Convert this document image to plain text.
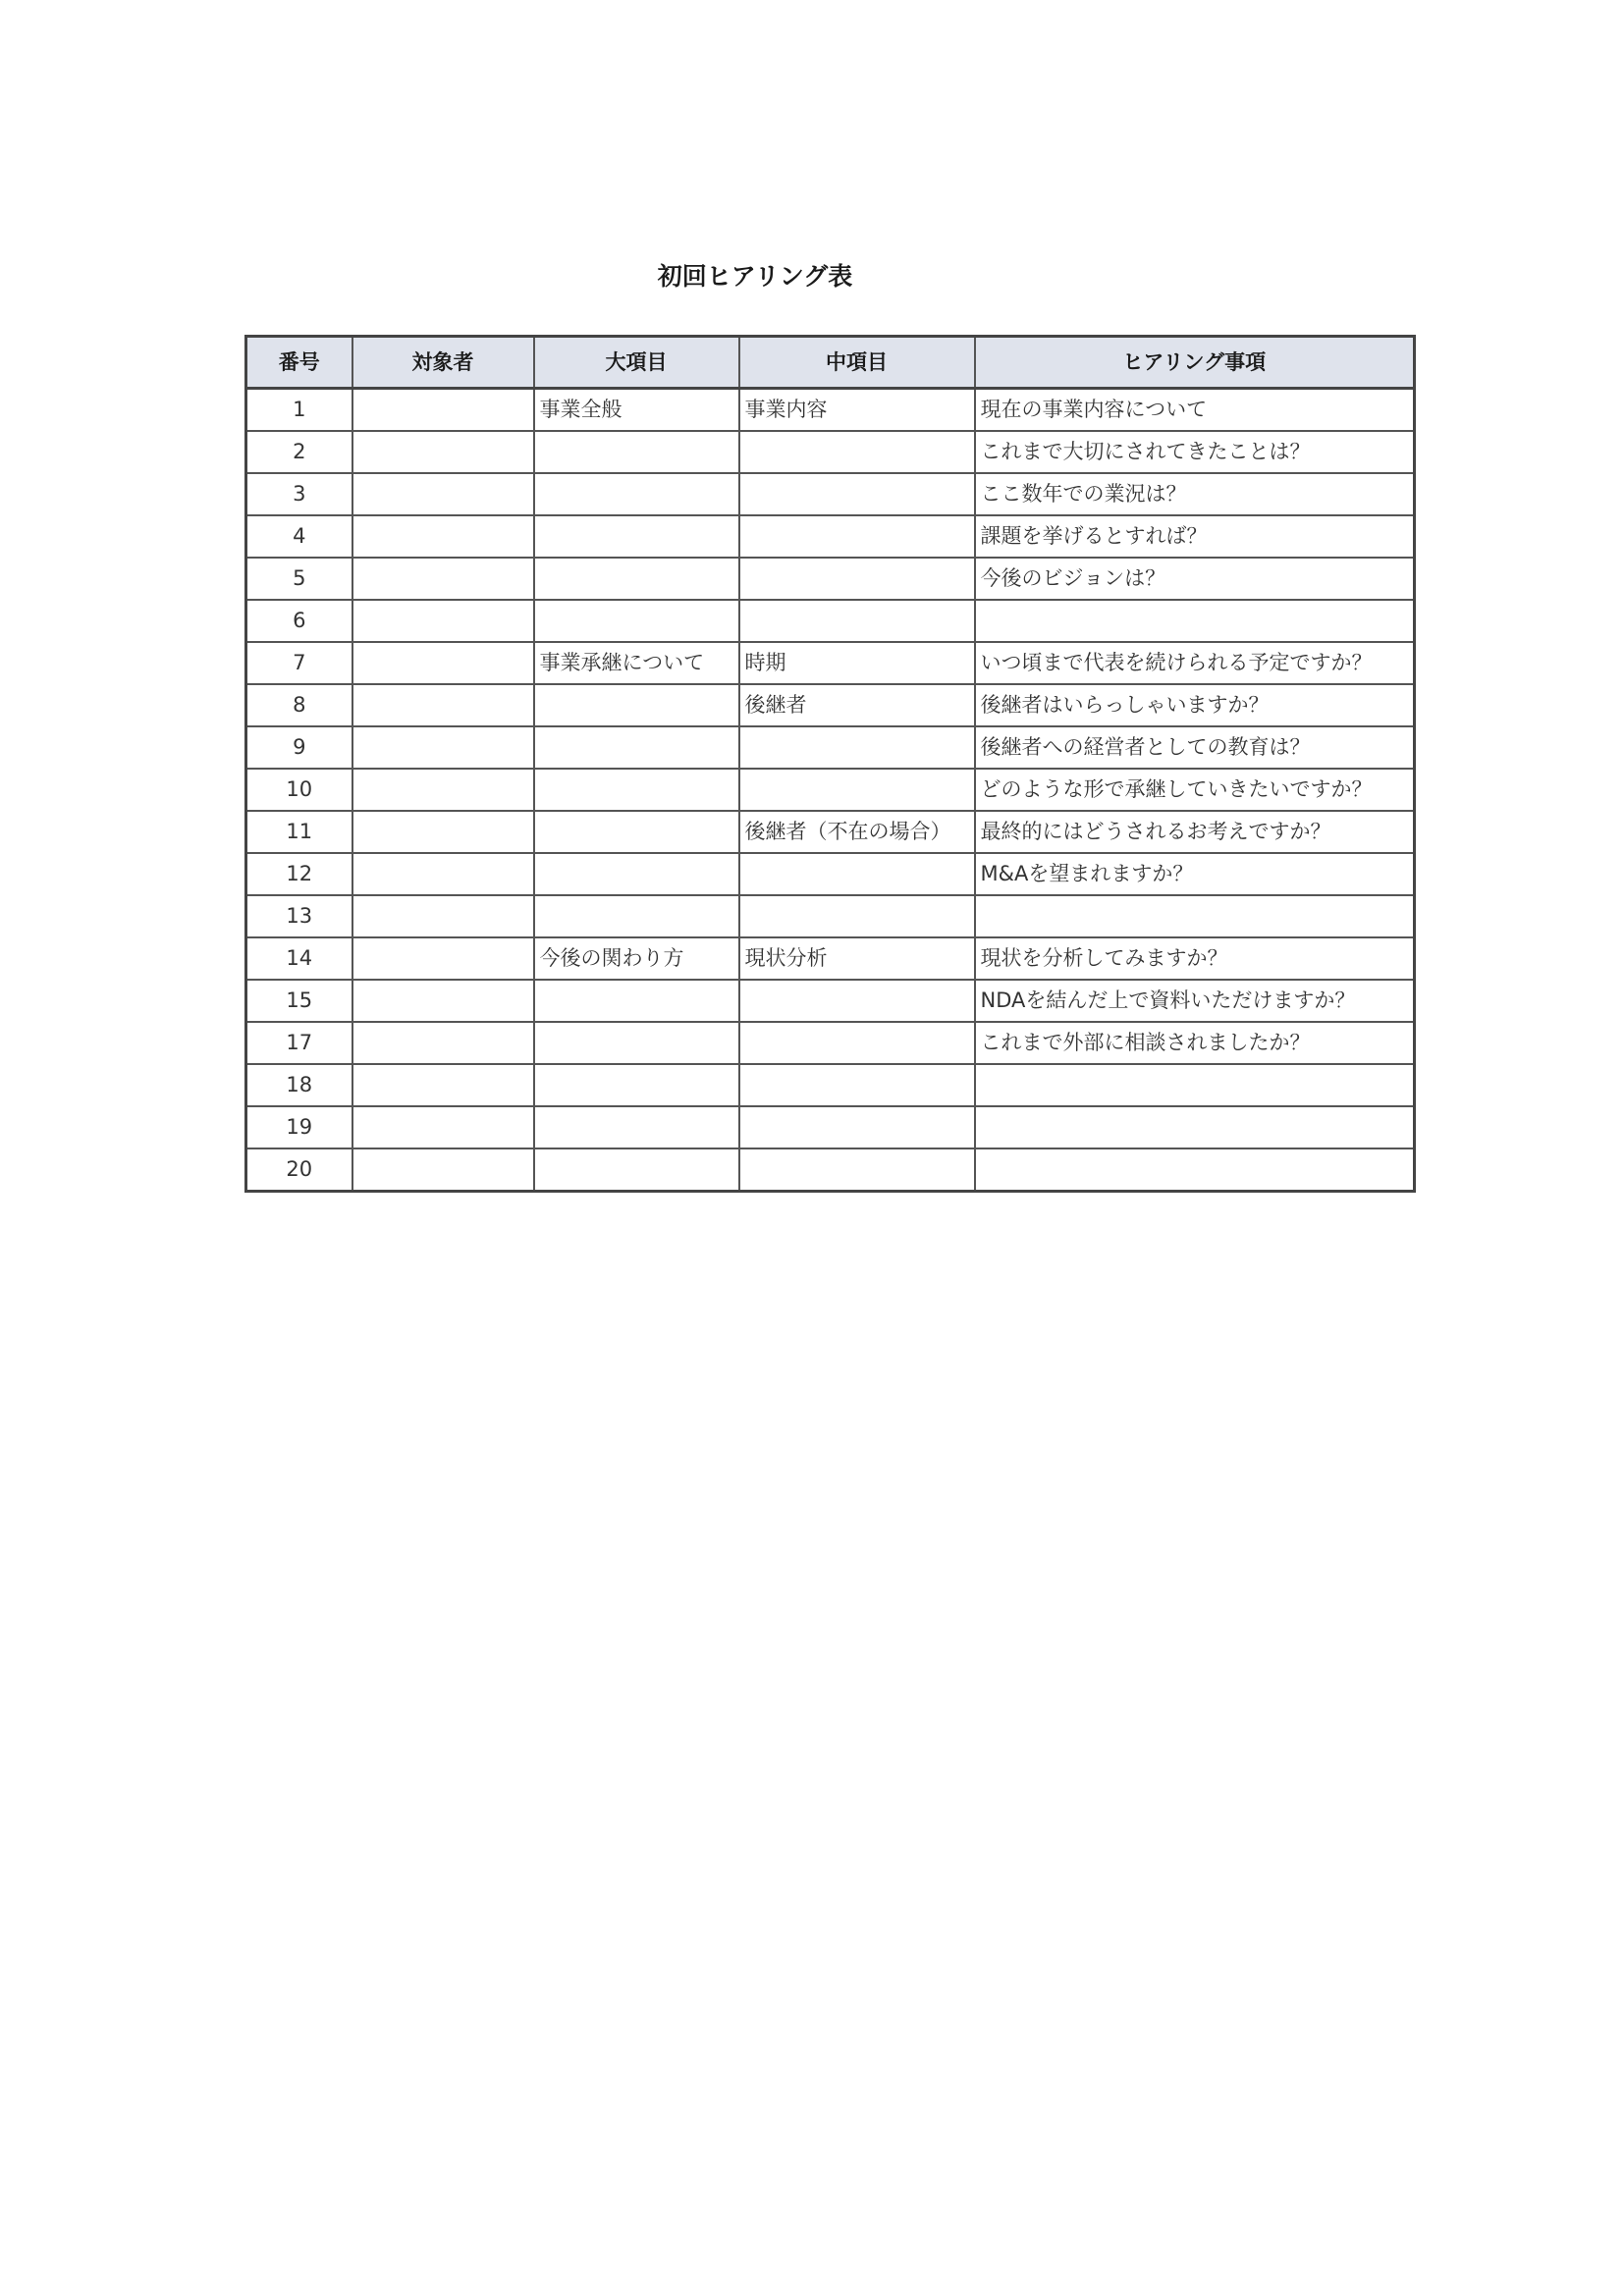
初回ヒアリング表
番号	対象者	大項目	中項目	ヒアリング事項
1		事業全般	事業内容	現在の事業内容について
2				これまで大切にされてきたことは？
3				ここ数年での業況は？
4				課題を挙げるとすれば？
5				今後のビジョンは？
6				
7		事業承継について	時期	いつ頃まで代表を続けられる予定ですか？
8			後継者	後継者はいらっしゃいますか？
9				後継者への経営者としての教育は？
10				どのような形で承継していきたいですか？
11			後継者（不在の場合）	最終的にはどうされるお考えですか？
12				M&Aを望まれますか？
13				
14		今後の関わり方	現状分析	現状を分析してみますか？
15				NDAを結んだ上で資料いただけますか？
17				これまで外部に相談されましたか？
18				
19				
20				
